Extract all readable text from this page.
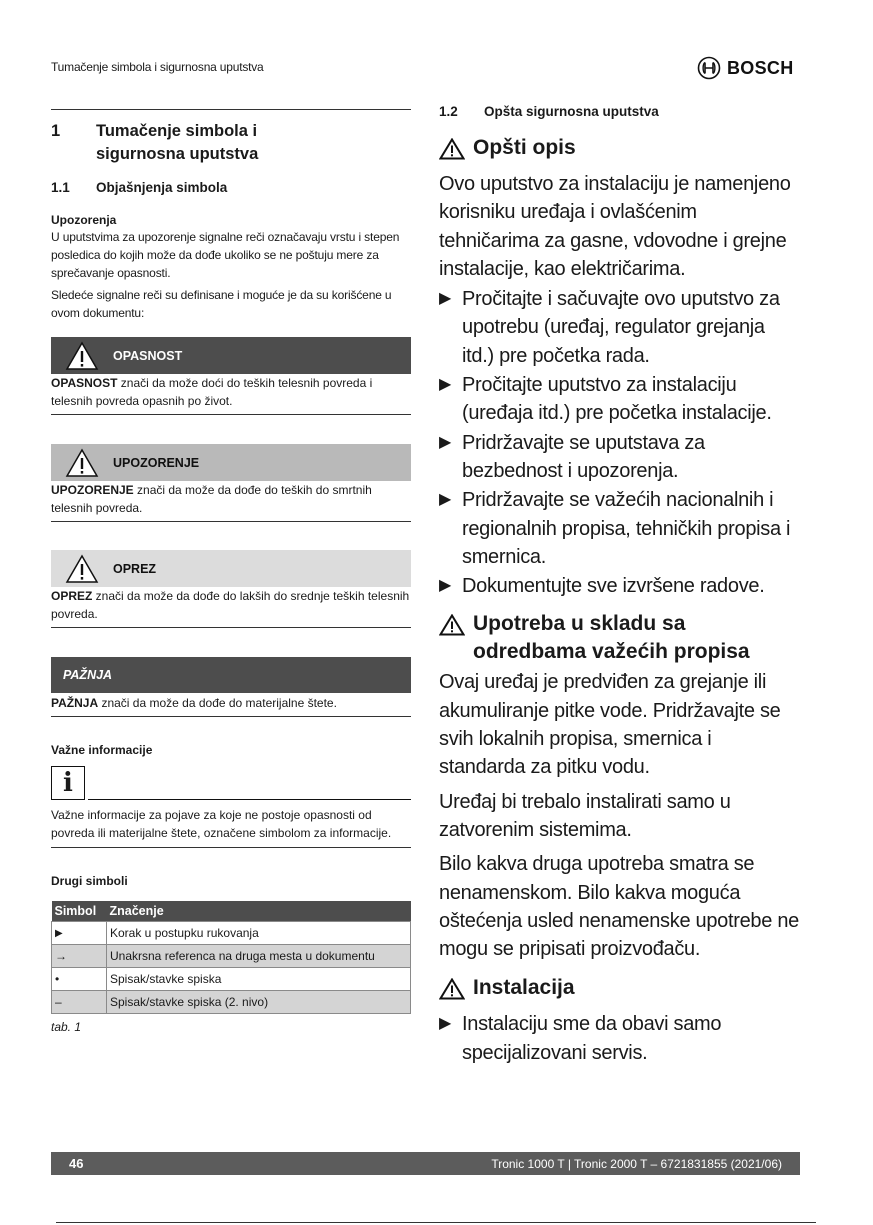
Tumačenje simbola i sigurnosna uputstva	BOSCH
1	Tumačenje simbola i sigurnosna uputstva
1.1	Objašnjenja simbola
Upozorenja
U uputstvima za upozorenje signalne reči označavaju vrstu i stepen posledica do kojih može da dođe ukoliko se ne poštuju mere za sprečavanje opasnosti.
Sledeće signalne reči su definisane i moguće je da su korišćene u ovom dokumentu:
OPASNOST
OPASNOST znači da može doći do teških telesnih povreda i telesnih povreda opasnih po život.
UPOZORENJE
UPOZORENJE znači da može da dođe do teških do smrtnih telesnih povreda.
OPREZ
OPREZ znači da može da dođe do lakših do srednje teških telesnih povreda.
PAŽNJA
PAŽNJA znači da može da dođe do materijalne štete.
Važne informacije
i
Važne informacije za pojave za koje ne postoje opasnosti od povreda ili materijalne štete, označene simbolom za informacije.
Drugi simboli
Simbol	Značenje
▶	Korak u postupku rukovanja
→	Unakrsna referenca na druga mesta u dokumentu
•	Spisak/stavke spiska
–	Spisak/stavke spiska (2. nivo)
tab. 1
1.2	Opšta sigurnosna uputstva
Opšti opis
Ovo uputstvo za instalaciju je namenjeno korisniku uređaja i ovlašćenim tehničarima za gasne, vdovodne i grejne instalacije, kao električarima.
▶ Pročitajte i sačuvajte ovo uputstvo za upotrebu (uređaj, regulator grejanja itd.) pre početka rada.
▶ Pročitajte uputstvo za instalaciju (uređaja itd.) pre početka instalacije.
▶ Pridržavajte se uputstava za bezbednost i upozorenja.
▶ Pridržavajte se važećih nacionalnih i regionalnih propisa, tehničkih propisa i smernica.
▶ Dokumentujte sve izvršene radove.
Upotreba u skladu sa odredbama važećih propisa
Ovaj uređaj je predviđen za grejanje ili akumuliranje pitke vode. Pridržavajte se svih lokalnih propisa, smernica i standarda za pitku vodu.
Uređaj bi trebalo instalirati samo u zatvorenim sistemima.
Bilo kakva druga upotreba smatra se nenamenskom. Bilo kakva moguća oštećenja usled nenamenske upotrebe ne mogu se pripisati proizvođaču.
Instalacija
▶ Instalaciju sme da obavi samo specijalizovani servis.
46	Tronic 1000 T | Tronic 2000 T – 6721831855 (2021/06)
